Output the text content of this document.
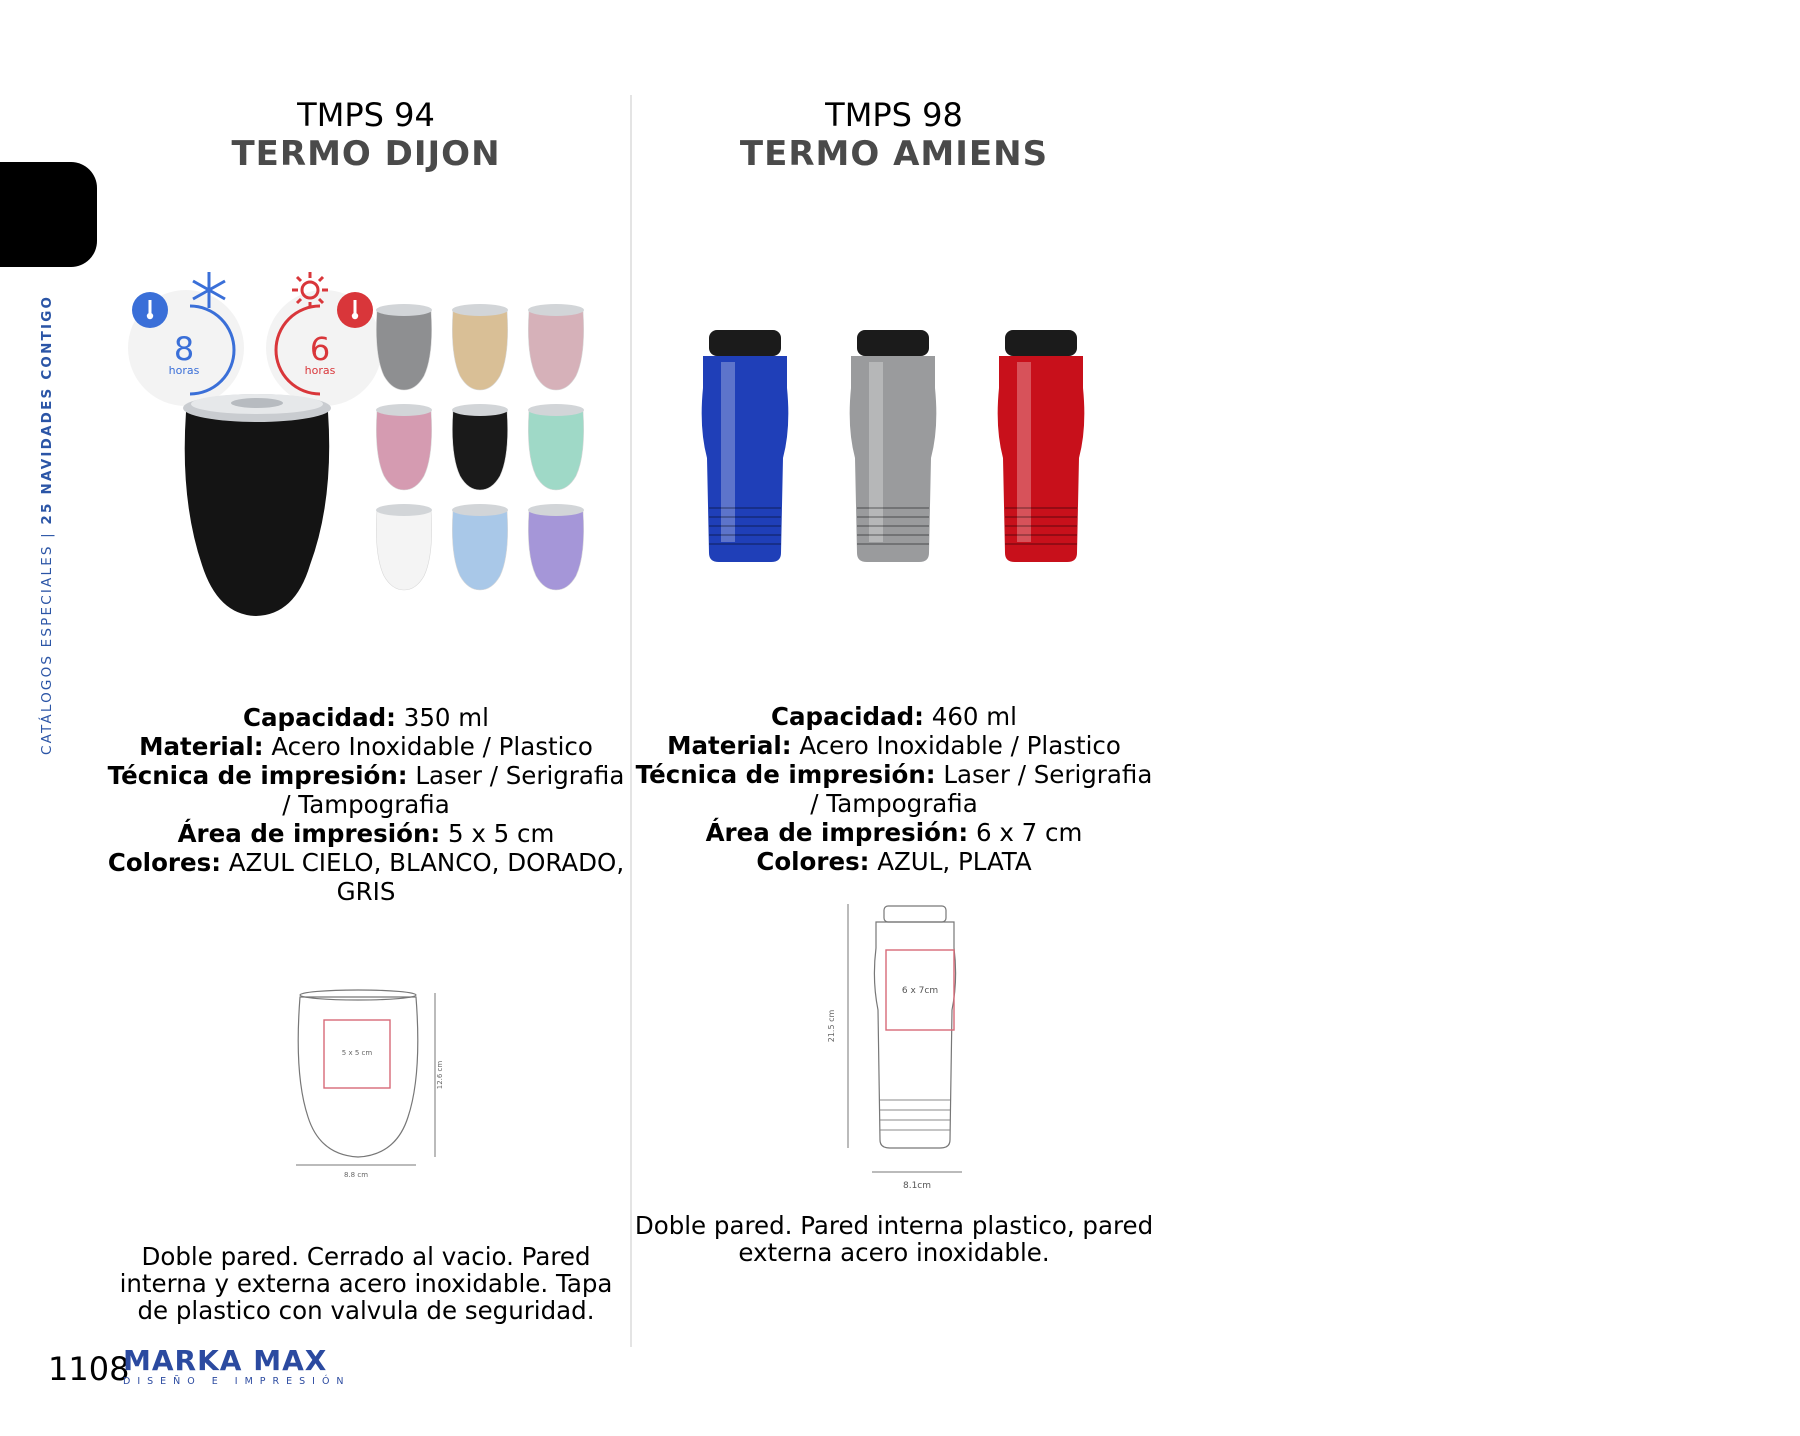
CATÁLOGOS ESPECIALES | 25 NAVIDADES CONTIGO
TMPS 94
TERMO DIJON
8
horas
6
horas
Capacidad: 350 ml
Material: Acero Inoxidable / Plastico
Técnica de impresión: Laser / Serigrafia / Tampografia
Área de impresión: 5 x 5 cm
Colores: AZUL CIELO, BLANCO, DORADO, GRIS
5 x 5 cm
12.6 cm
8.8 cm
Doble pared. Cerrado al vacio. Pared interna y externa acero inoxidable. Tapa de plastico con valvula de seguridad.
TMPS 98
TERMO AMIENS
Capacidad: 460 ml
Material: Acero Inoxidable / Plastico
Técnica de impresión: Laser / Serigrafia / Tampografia
Área de impresión: 6 x 7 cm
Colores: AZUL, PLATA
21.5 cm
6 x 7cm
8.1cm
Doble pared. Pared interna plastico, pared externa acero inoxidable.
1108
MARKA MAX
DISEÑO E IMPRESIÓN
